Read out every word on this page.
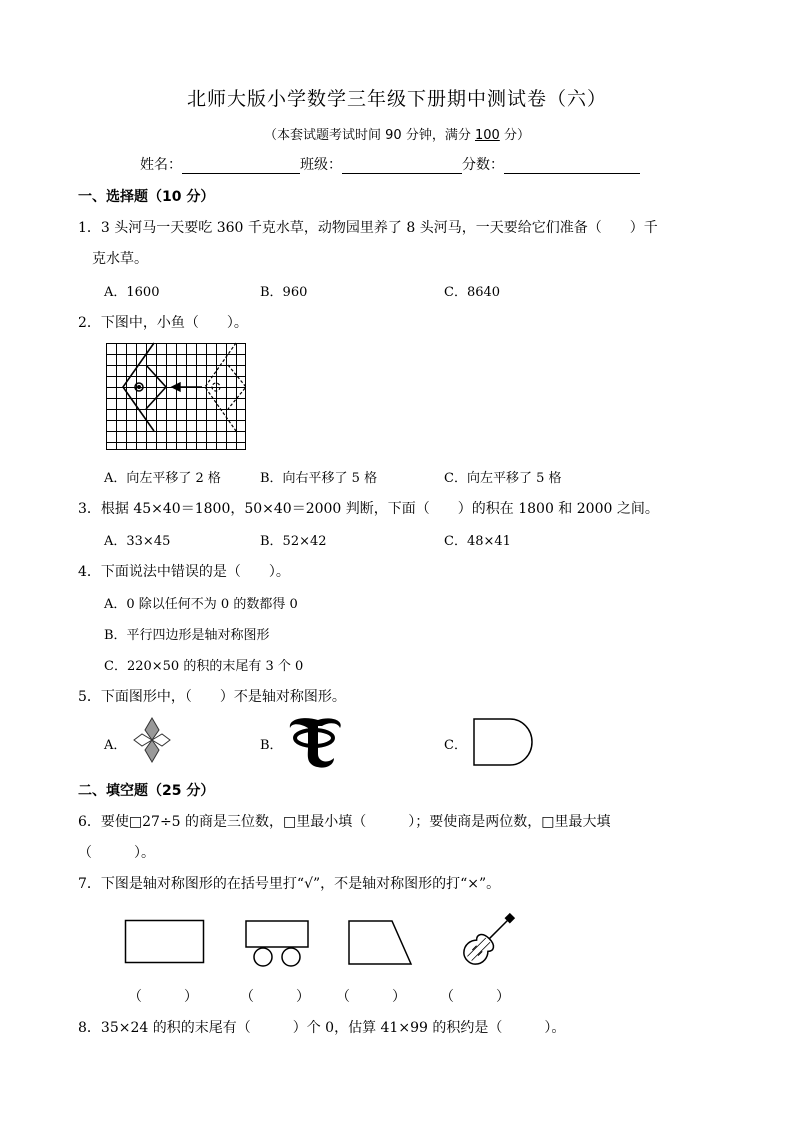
北师大版小学数学三年级下册期中测试卷（六）
（本套试题考试时间 90 分钟，满分 100 分）
姓名：	班级：	分数：
一、选择题（10 分）
1．3 头河马一天要吃 360 千克水草，动物园里养了 8 头河马，一天要给它们准备（　　）千
克水草。
A．1600	B．960	C．8640
2．下图中，小鱼（　　）。
A．向左平移了 2 格	B．向右平移了 5 格	C．向左平移了 5 格
3．根据 45×40＝1800，50×40＝2000 判断，下面（　　）的积在 1800 和 2000 之间。
A．33×45	B．52×42	C．48×41
4．下面说法中错误的是（　　）。
A．0 除以任何不为 0 的数都得 0
B．平行四边形是轴对称图形
C．220×50 的积的末尾有 3 个 0
5．下面图形中，（　　）不是轴对称图形。
A．	B．	C．
二、填空题（25 分）
6．要使□27÷5 的商是三位数，□里最小填（　　　）；要使商是两位数，□里最大填
（　　　）。
7．下图是轴对称图形的在括号里打“√”，不是轴对称图形的打“×”。
（　　　）	（　　　） （　　　） （　　　）
8．35×24 的积的末尾有（　　　）个 0，估算 41×99 的积约是（　　　）。
